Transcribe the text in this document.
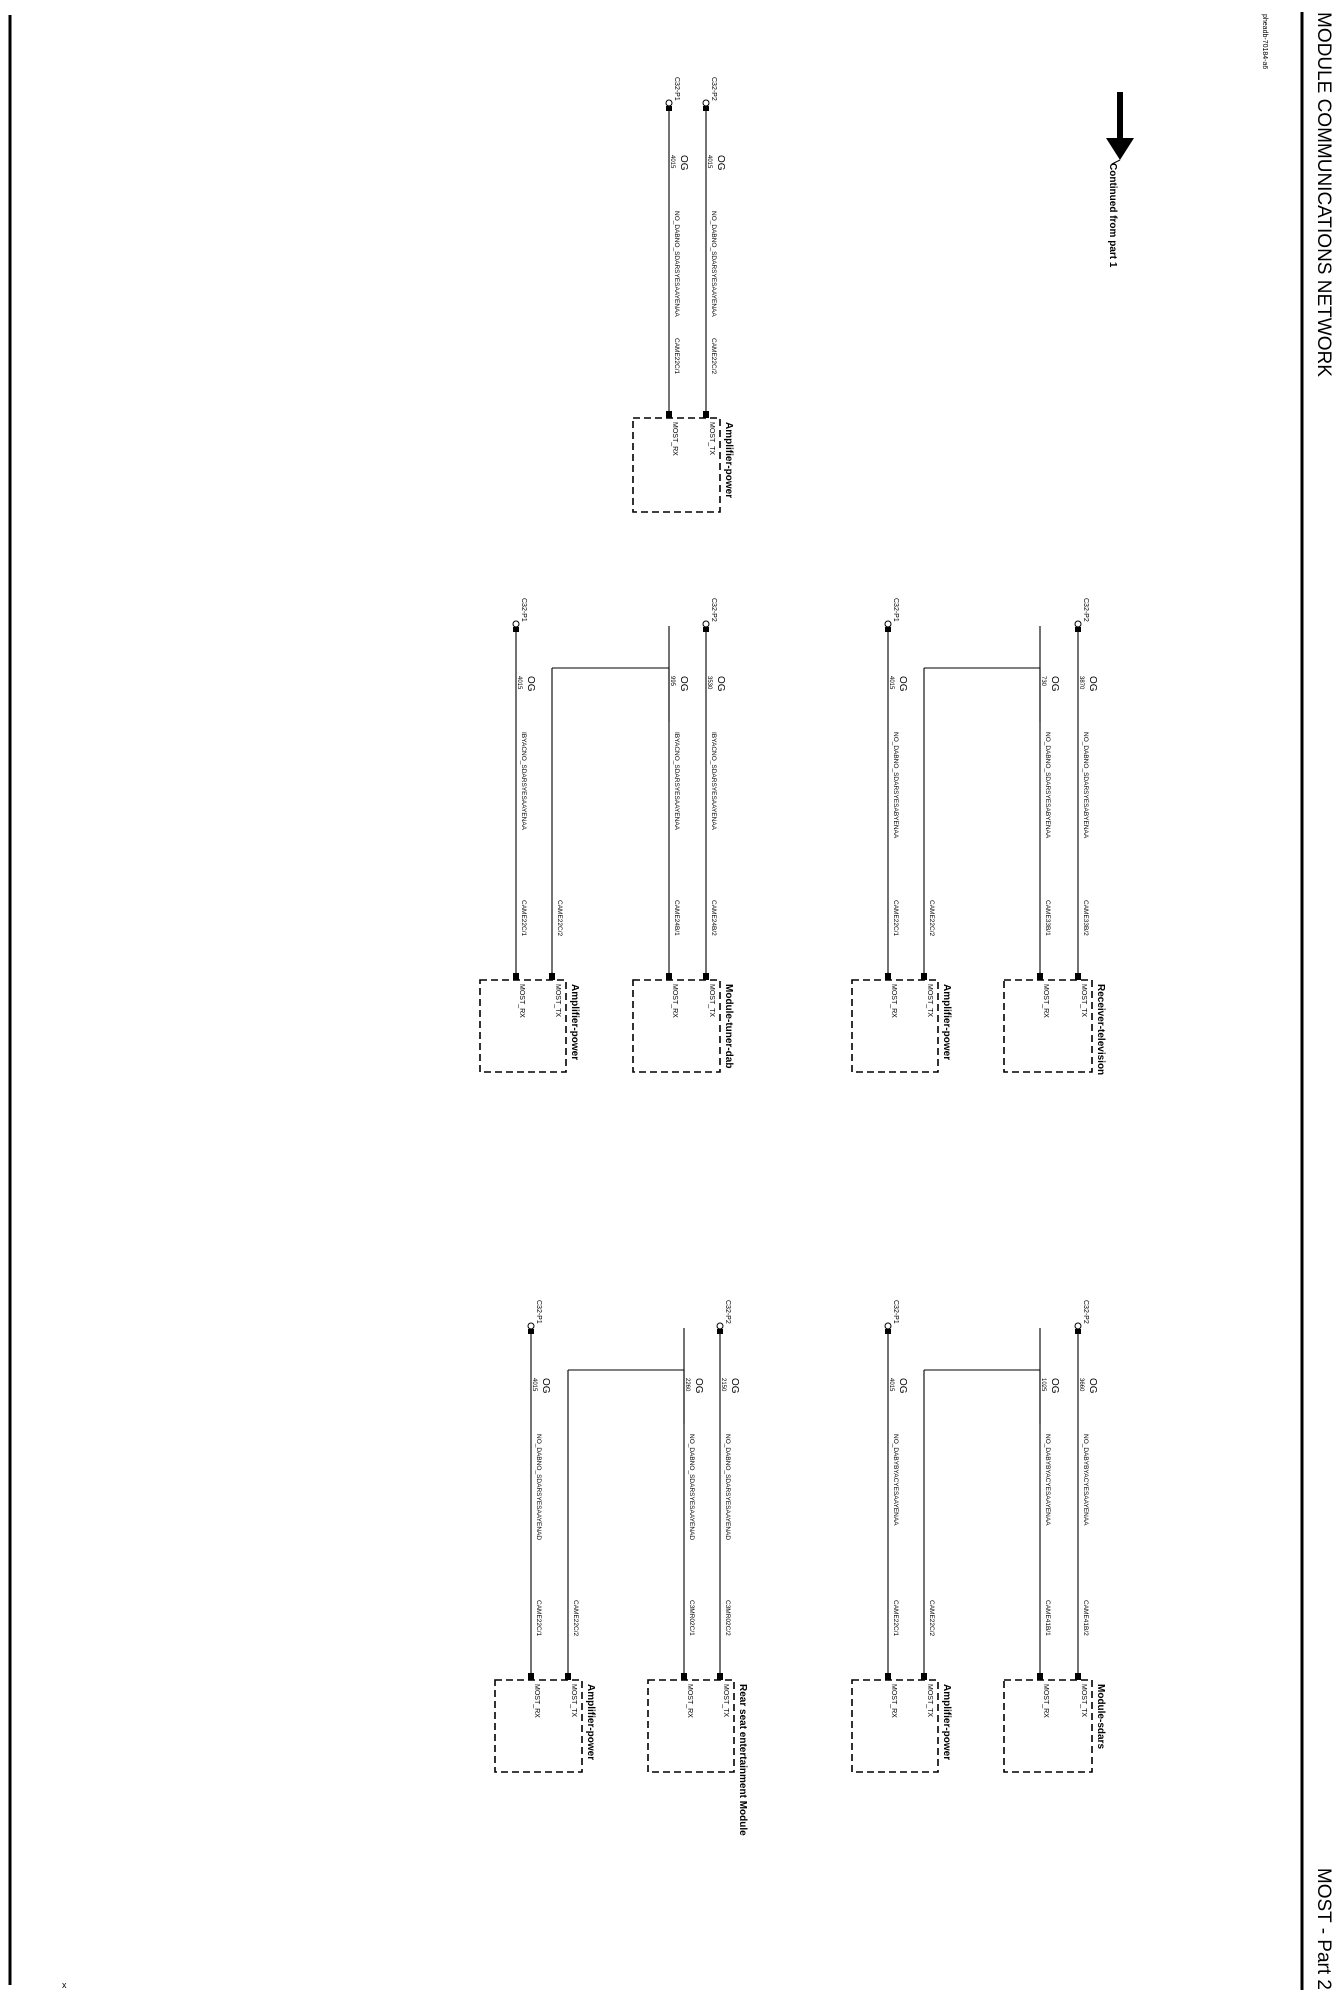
MODULE COMMUNICATIONS NETWORK
MOST - Part 2
pheadb-70184-a6
x
Continued from part 1
Amplifier-power
MOST_TX
CAME22C/2
C32-P2
OG
4015
NO_DABNO_SDARSYESAAYENAA
MOST_RX
CAME22C/1
C32-P1
OG
4015
NO_DABNO_SDARSYESAAYENAA
Receiver-television
MOST_TX
CAME33B/2
C32-P2
OG
3870
NO_DABNO_SDARSYESABYENAA
MOST_RX
CAME33B/1
OG
730
NO_DABNO_SDARSYESABYENAA
Amplifier-power
MOST_TX
CAME22C/2
MOST_RX
CAME22C/1
C32-P1
OG
4015
NO_DABNO_SDARSYESABYENAA
Module-tuner-dab
MOST_TX
CAME24B/2
C32-P2
OG
3530
IBYACNO_SDARSYESAAYENAA
MOST_RX
CAME24B/1
OG
995
IBYACNO_SDARSYESAAYENAA
Amplifier-power
MOST_TX
CAME22C/2
MOST_RX
CAME22C/1
C32-P1
OG
4015
IBYACNO_SDARSYESAAYENAA
Module-sdars
MOST_TX
CAME41B/2
C32-P2
OG
3660
NO_DABYBYACYESAAYENAA
MOST_RX
CAME41B/1
OG
1025
NO_DABYBYACYESAAYENAA
Amplifier-power
MOST_TX
CAME22C/2
MOST_RX
CAME22C/1
C32-P1
OG
4015
NO_DABYBYACYESAAYENAA
Rear seat entertainment Module
MOST_TX
C3MR02C/2
C32-P2
OG
2150
NO_DABNO_SDARSYESAAYENAD
MOST_RX
C3MR02C/1
OG
2260
NO_DABNO_SDARSYESAAYENAD
Amplifier-power
MOST_TX
CAME22C/2
MOST_RX
CAME22C/1
C32-P1
OG
4015
NO_DABNO_SDARSYESAAYENAD
